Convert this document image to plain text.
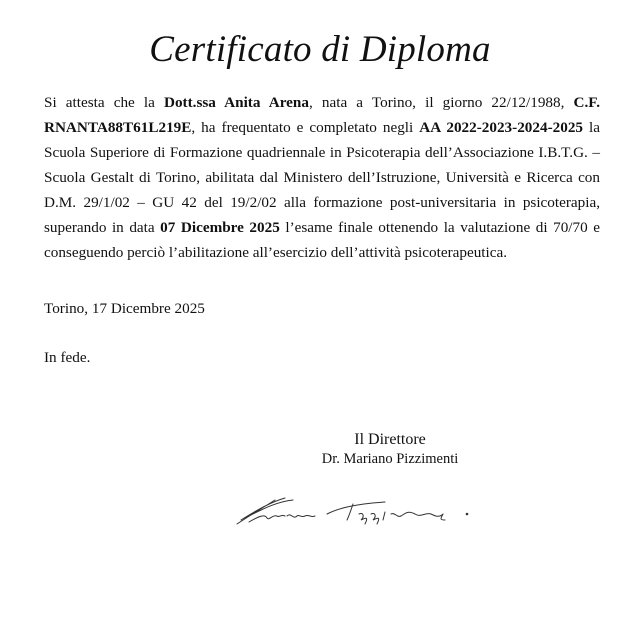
Certificato di Diploma
Si attesta che la Dott.ssa Anita Arena, nata a Torino, il giorno 22/12/1988, C.F.
RNANTA88T61L219E, ha frequentato e completato negli AA 2022-2023-2024-2025 la
Scuola Superiore di Formazione quadriennale in Psicoterapia dell’Associazione I.B.T.G. –
Scuola Gestalt di Torino, abilitata dal Ministero dell’Istruzione, Università e Ricerca con
D.M. 29/1/02 – GU 42 del 19/2/02 alla formazione post-universitaria in psicoterapia,
superando in data 07 Dicembre 2025 l’esame finale ottenendo la valutazione di 70/70 e
conseguendo perciò l’abilitazione all’esercizio dell’attività psicoterapeutica.
Torino, 17 Dicembre 2025
In fede.
Il Direttore
Dr. Mariano Pizzimenti
